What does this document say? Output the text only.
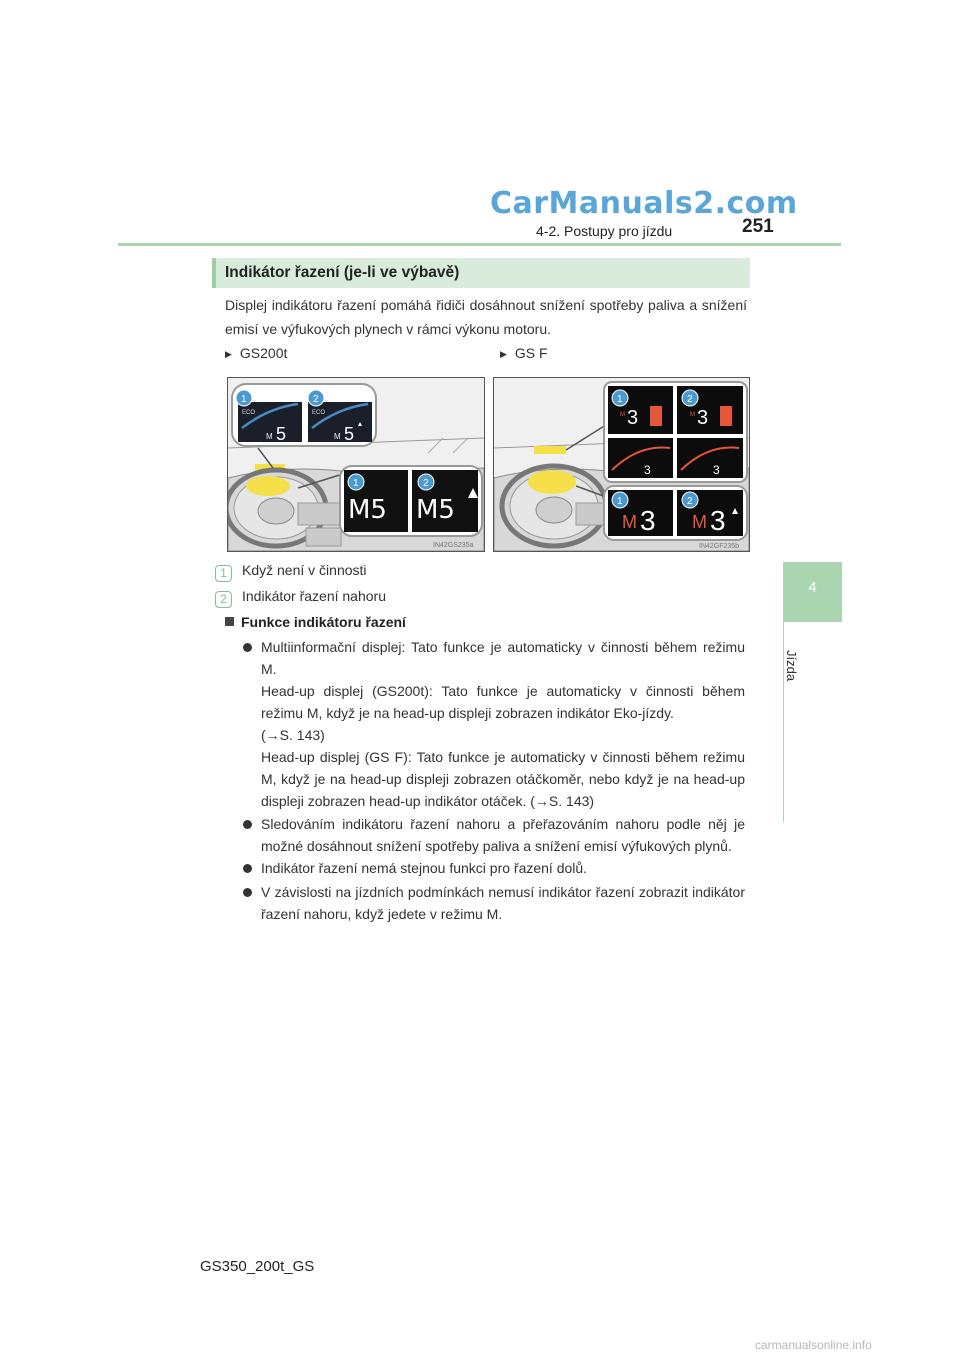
CarManuals2.com
4-2. Postupy pro jízdu	251
4
Jízda
Indikátor řazení (je-li ve výbavě)
Displej indikátoru řazení pomáhá řidiči dosáhnout snížení spotřeby paliva a snížení emisí ve výfukových plynech v rámci výkonu motoru.
▶ GS200t	▶ GS F
ECO	ECO
M 5	M 5
1	2
M5 M5
1	2
IN42GS235a
M 3	M 3
3	3
1	2
M 3 M 3
1	2
IN42GF235b
1 Když není v činnosti
2 Indikátor řazení nahoru
Funkce indikátoru řazení
Multiinformační displej: Tato funkce je automaticky v činnosti během režimu M.
Head-up displej (GS200t): Tato funkce je automaticky v činnosti během režimu M, když je na head-up displeji zobrazen indikátor Eko-jízdy.
(→S. 143)
Head-up displej (GS F): Tato funkce je automaticky v činnosti během režimu M, když je na head-up displeji zobrazen otáčkoměr, nebo když je na head-up displeji zobrazen head-up indikátor otáček. (→S. 143)
Sledováním indikátoru řazení nahoru a přeřazováním nahoru podle něj je možné dosáhnout snížení spotřeby paliva a snížení emisí výfukových plynů.
Indikátor řazení nemá stejnou funkci pro řazení dolů.
V závislosti na jízdních podmínkách nemusí indikátor řazení zobrazit indikátor řazení nahoru, když jedete v režimu M.
GS350_200t_GS
carmanualsonline.info
